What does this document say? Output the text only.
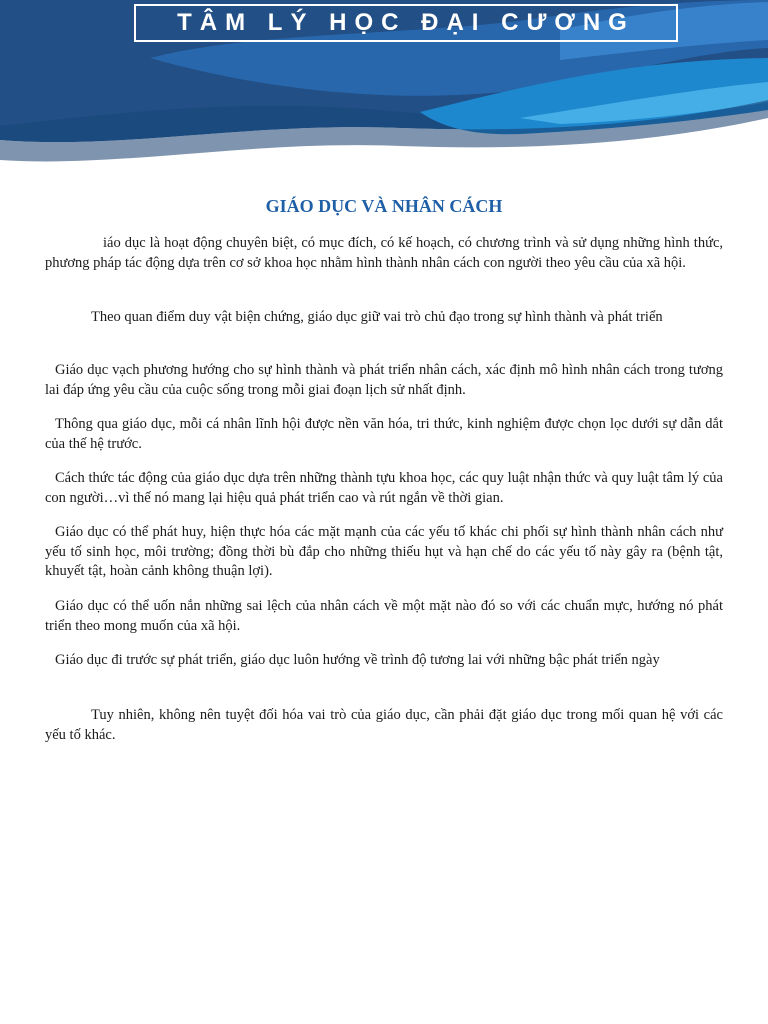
TÂM LÝ HỌC ĐẠI CƯƠNG
GIÁO DỤC VÀ NHÂN CÁCH

iáo dục là hoạt động chuyên biệt, có mục đích, có kế hoạch, có chương trình và sử dụng những hình thức, phương pháp tác động dựa trên cơ sở khoa học nhằm hình thành nhân cách con người theo yêu cầu của xã hội.

Theo quan điểm duy vật biện chứng, giáo dục giữ vai trò chủ đạo trong sự hình thành và phát triển

Giáo dục vạch phương hướng cho sự hình thành và phát triển nhân cách, xác định mô hình nhân cách trong tương lai đáp ứng yêu cầu của cuộc sống trong mỗi giai đoạn lịch sử nhất định.

Thông qua giáo dục, mỗi cá nhân lĩnh hội được nền văn hóa, tri thức, kinh nghiệm được chọn lọc dưới sự dẫn dắt của thế hệ trước.

Cách thức tác động của giáo dục dựa trên những thành tựu khoa học, các quy luật nhận thức và quy luật tâm lý của con người…vì thế nó mang lại hiệu quả phát triển cao và rút ngắn về thời gian.

Giáo dục có thể phát huy, hiện thực hóa các mặt mạnh của các yếu tố khác chi phối sự hình thành nhân cách như yếu tố sinh học, môi trường; đồng thời bù đắp cho những thiếu hụt và hạn chế do các yếu tố này gây ra (bệnh tật, khuyết tật, hoàn cảnh không thuận lợi).

Giáo dục có thể uốn nắn những sai lệch của nhân cách về một mặt nào đó so với các chuẩn mực, hướng nó phát triển theo mong muốn của xã hội.

Giáo dục đi trước sự phát triển, giáo dục luôn hướng về trình độ tương lai với những bậc phát triển ngày

Tuy nhiên, không nên tuyệt đối hóa vai trò của giáo dục, cần phải đặt giáo dục trong mối quan hệ với các yếu tố khác.
